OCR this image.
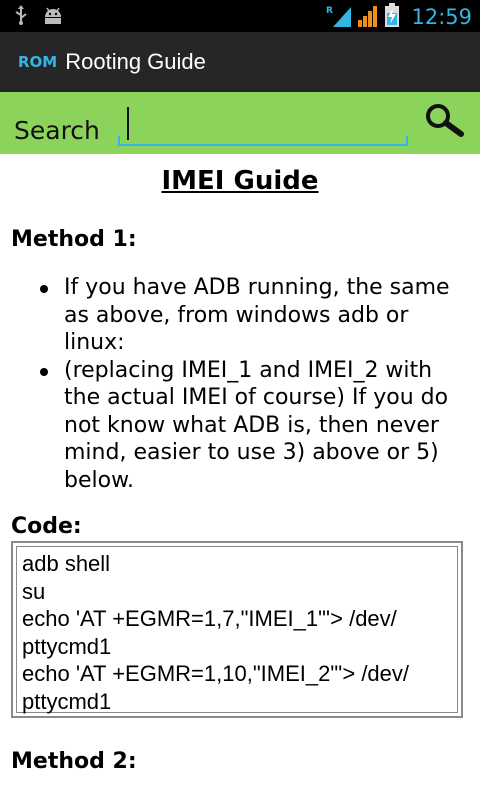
R	12:59
ROM Rooting Guide
Search
IMEI Guide
Method 1:
If you have ADB running, the same as above, from windows adb or linux:
(replacing IMEI_1 and IMEI_2 with the actual IMEI of course) If you do not know what ADB is, then never mind, easier to use 3) above or 5) below.
Code:
adb shell
su
echo 'AT +EGMR=1,7,"IMEI_1"'> /dev/
pttycmd1
echo 'AT +EGMR=1,10,"IMEI_2"'> /dev/
pttycmd1
Method 2:
